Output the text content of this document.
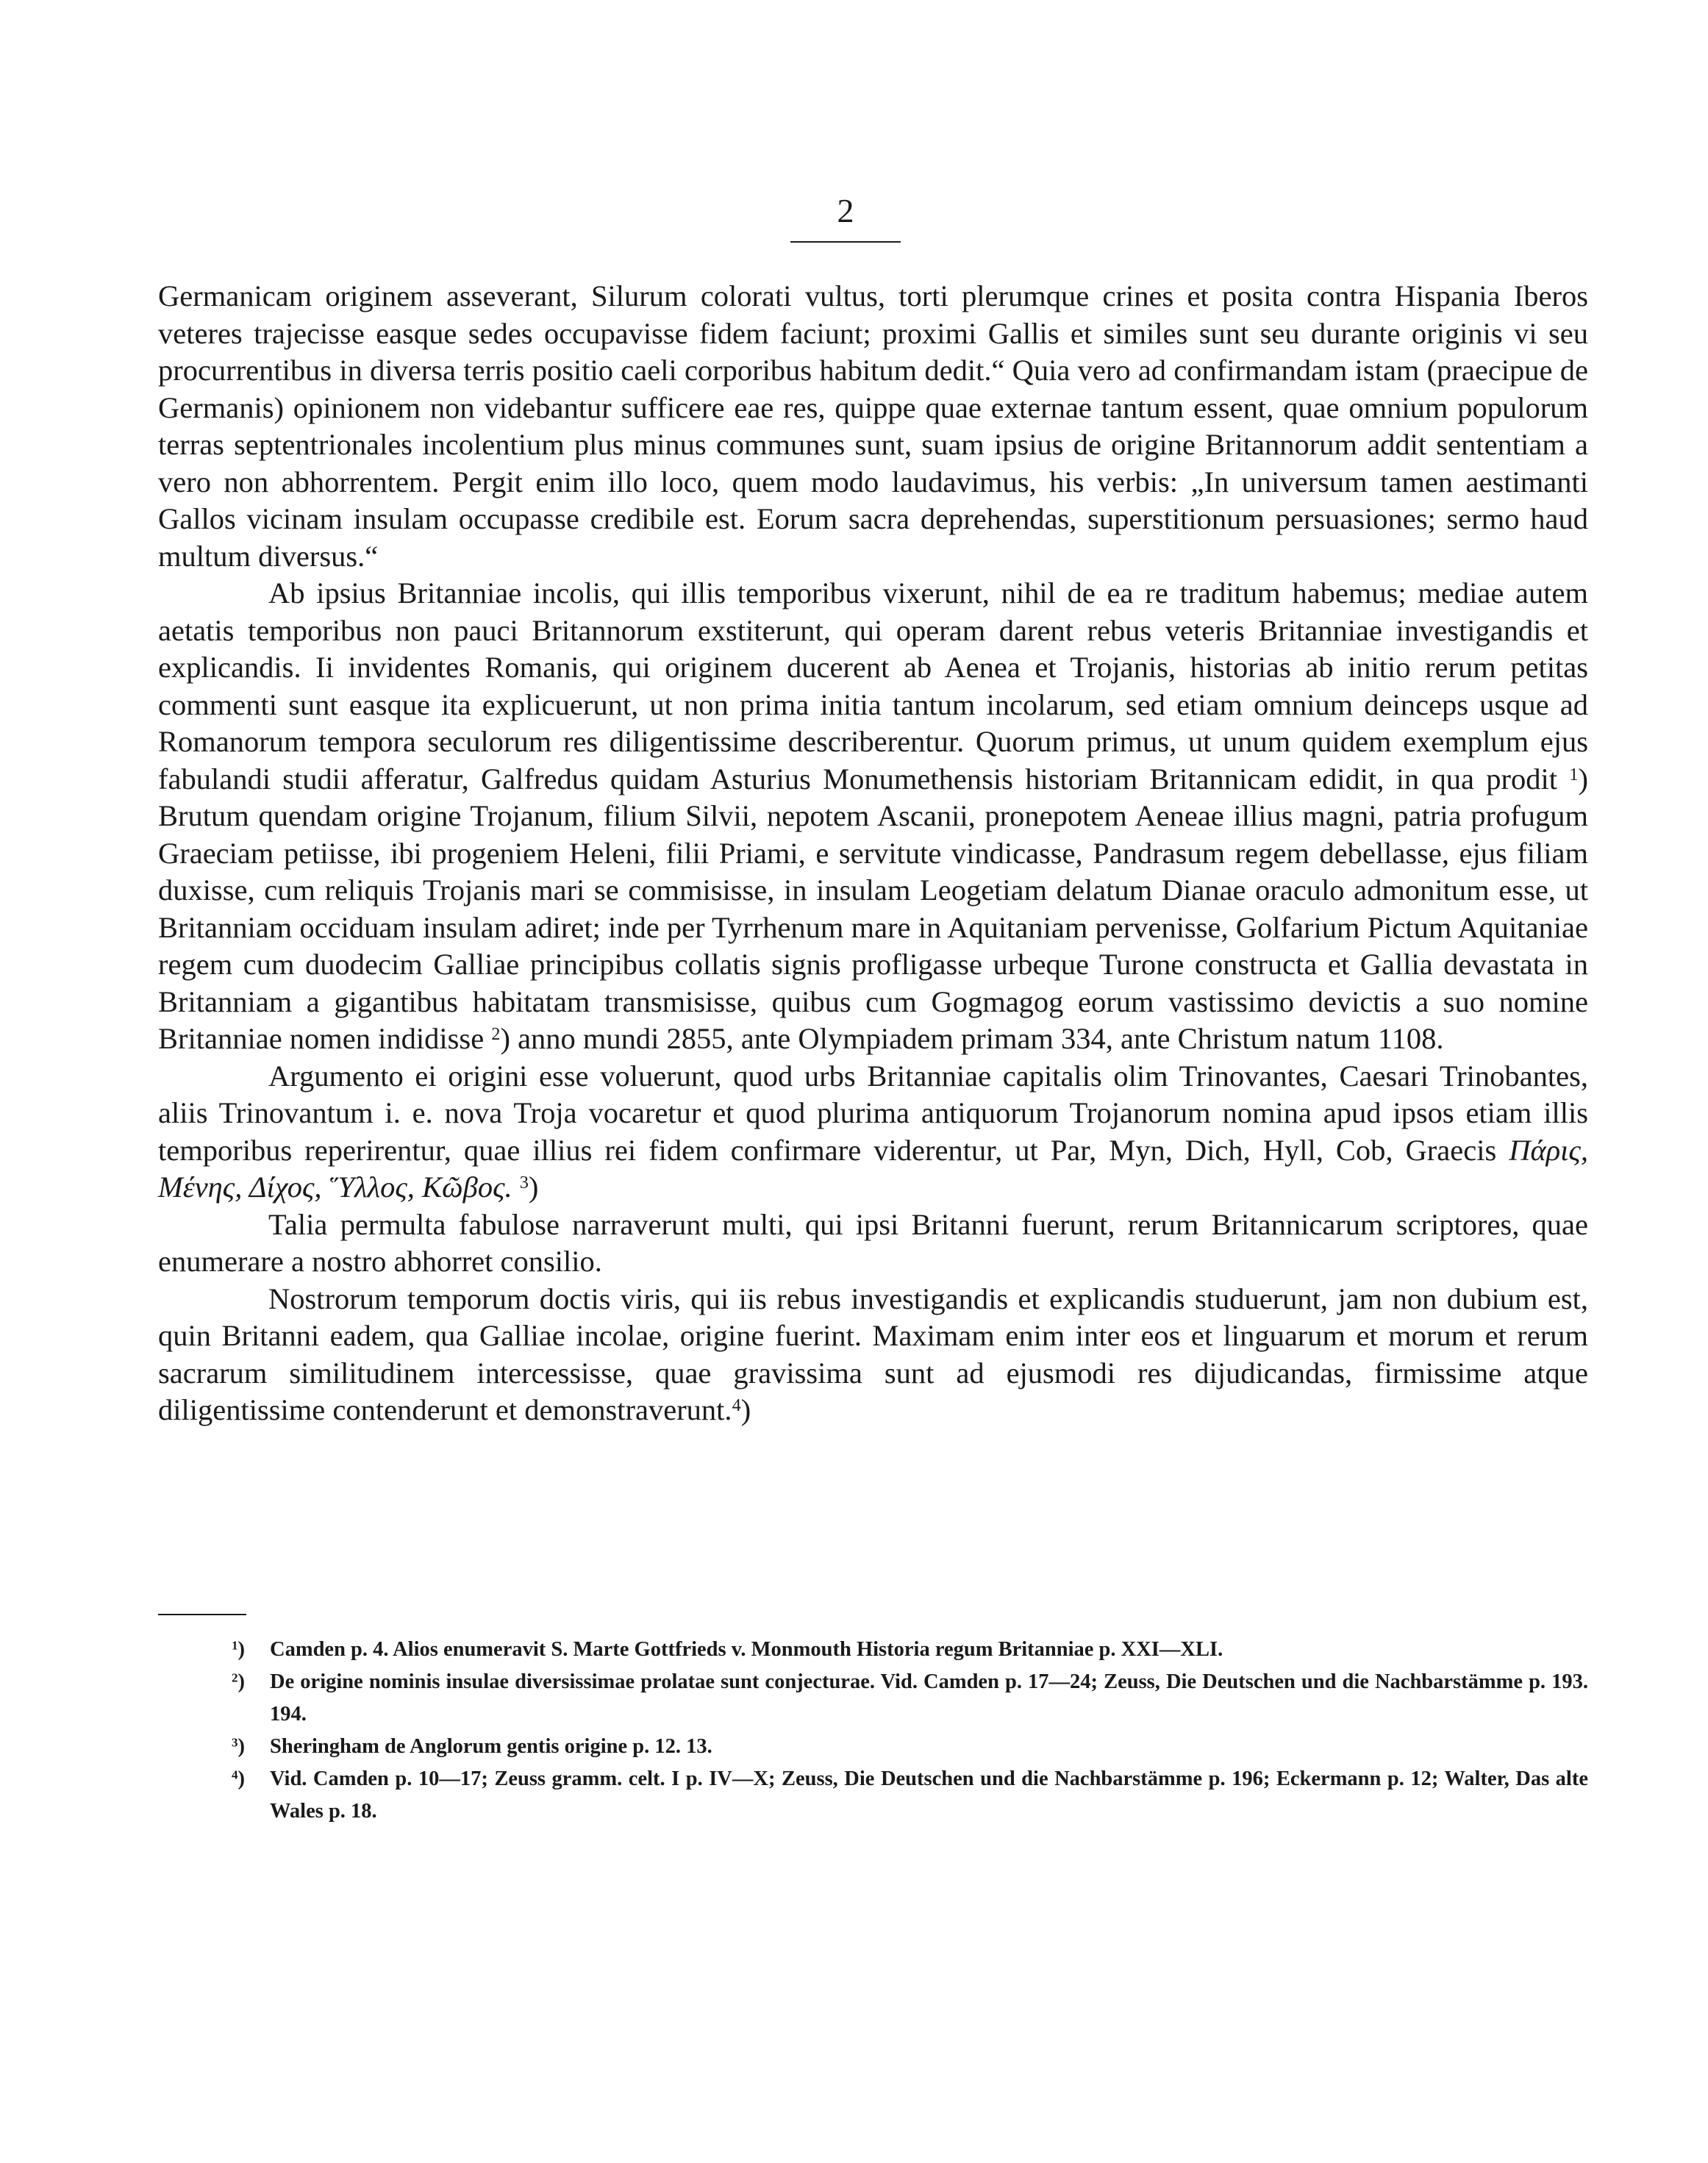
2

Germanicam originem asseverant, Silurum colorati vultus, torti plerumque crines et posita contra Hispania Iberos veteres trajecisse easque sedes occupavisse fidem faciunt; proximi Gallis et similes sunt seu durante originis vi seu procurrentibus in diversa terris positio caeli corporibus habitum dedit.“ Quia vero ad confirmandam istam (praecipue de Germanis) opinionem non videbantur sufficere eae res, quippe quae externae tantum essent, quae omnium populorum terras septentrionales incolentium plus minus communes sunt, suam ipsius de origine Britannorum addit sententiam a vero non abhorrentem. Pergit enim illo loco, quem modo laudavimus, his verbis: „In universum tamen aestimanti Gallos vicinam insulam occupasse credibile est. Eorum sacra deprehendas, superstitionum persuasiones; sermo haud multum diversus.“

Ab ipsius Britanniae incolis, qui illis temporibus vixerunt, nihil de ea re traditum habemus; mediae autem aetatis temporibus non pauci Britannorum exstiterunt, qui operam darent rebus veteris Britanniae investigandis et explicandis. Ii invidentes Romanis, qui originem ducerent ab Aenea et Trojanis, historias ab initio rerum petitas commenti sunt easque ita explicuerunt, ut non prima initia tantum incolarum, sed etiam omnium deinceps usque ad Romanorum tempora seculorum res diligentissime describerentur. Quorum primus, ut unum quidem exemplum ejus fabulandi studii afferatur, Galfredus quidam Asturius Monumethensis historiam Britannicam edidit, in qua prodit $^1$) Brutum quendam origine Trojanum, filium Silvii, nepotem Ascanii, pronepotem Aeneae illius magni, patria profugum Graeciam petiisse, ibi progeniem Heleni, filii Priami, e servitute vindicasse, Pandrasum regem debellasse, ejus filiam duxisse, cum reliquis Trojanis mari se commisisse, in insulam Leogetiam delatum Dianae oraculo admonitum esse, ut Britanniam occiduam insulam adiret; inde per Tyrrhenum mare in Aquitaniam pervenisse, Golfarium Pictum Aquitaniae regem cum duodecim Galliae principibus collatis signis profligasse urbeque Turone constructa et Gallia devastata in Britanniam a gigantibus habitatam transmisisse, quibus cum Gogmagog eorum vastissimo devictis a suo nomine Britanniae nomen indidisse $^2$) anno mundi 2855, ante Olympiadem primam 334, ante Christum natum 1108.

Argumento ei origini esse voluerunt, quod urbs Britanniae capitalis olim Trinovantes, Caesari Trinobantes, aliis Trinovantum i. e. nova Troja vocaretur et quod plurima antiquorum Trojanorum nomina apud ipsos etiam illis temporibus reperirentur, quae illius rei fidem confirmare viderentur, ut Par, Myn, Dich, Hyll, Cob, Graecis Πάρις, Μένης, Δίχος, Ὕλλος, Κῶβος. $^3$)

Talia permulta fabulose narraverunt multi, qui ipsi Britanni fuerunt, rerum Britannicarum scriptores, quae enumerare a nostro abhorret consilio.

Nostrorum temporum doctis viris, qui iis rebus investigandis et explicandis studuerunt, jam non dubium est, quin Britanni eadem, qua Galliae incolae, origine fuerint. Maximam enim inter eos et linguarum et morum et rerum sacrarum similitudinem intercessisse, quae gravissima sunt ad ejusmodi res dijudicandas, firmissime atque diligentissime contenderunt et demonstraverunt.$^4$)

$^1$)	Camden p. 4. Alios enumeravit S. Marte Gottfrieds v. Monmouth Historia regum Britanniae p. XXI—XLI.
$^2$)	De origine nominis insulae diversissimae prolatae sunt conjecturae. Vid. Camden p. 17—24; Zeuss, Die Deutschen und die Nachbarstämme p. 193. 194.
$^3$)	Sheringham de Anglorum gentis origine p. 12. 13.
$^4$)	Vid. Camden p. 10—17; Zeuss gramm. celt. I p. IV—X; Zeuss, Die Deutschen und die Nachbarstämme p. 196; Eckermann p. 12; Walter, Das alte Wales p. 18.
